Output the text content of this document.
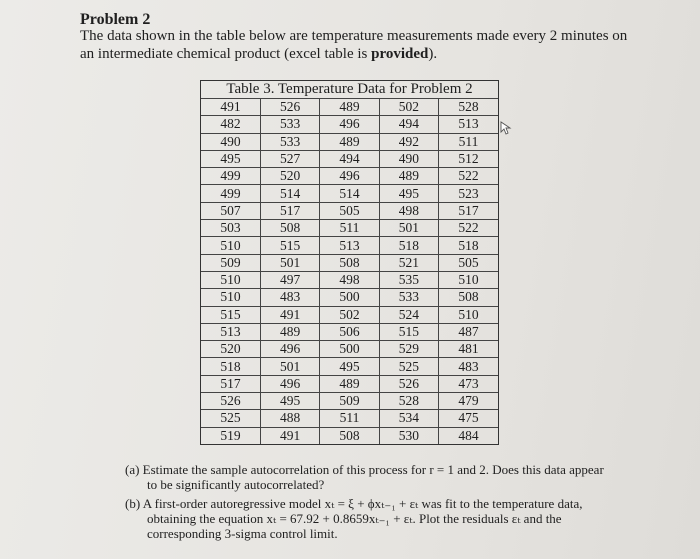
Problem 2
The data shown in the table below are temperature measurements made every 2 minutes on an intermediate chemical product (excel table is provided).
Table 3. Temperature Data for Problem 2
491	526	489	502	528
482	533	496	494	513
490	533	489	492	511
495	527	494	490	512
499	520	496	489	522
499	514	514	495	523
507	517	505	498	517
503	508	511	501	522
510	515	513	518	518
509	501	508	521	505
510	497	498	535	510
510	483	500	533	508
515	491	502	524	510
513	489	506	515	487
520	496	500	529	481
518	501	495	525	483
517	496	489	526	473
526	495	509	528	479
525	488	511	534	475
519	491	508	530	484
(a) Estimate the sample autocorrelation of this process for r = 1 and 2. Does this data appear to be significantly autocorrelated?
(b) A first-order autoregressive model xₜ = ξ + ϕxₜ₋₁ + εₜ was fit to the temperature data, obtaining the equation xₜ = 67.92 + 0.8659xₜ₋₁ + εₜ. Plot the residuals εₜ and the corresponding 3-sigma control limit.
